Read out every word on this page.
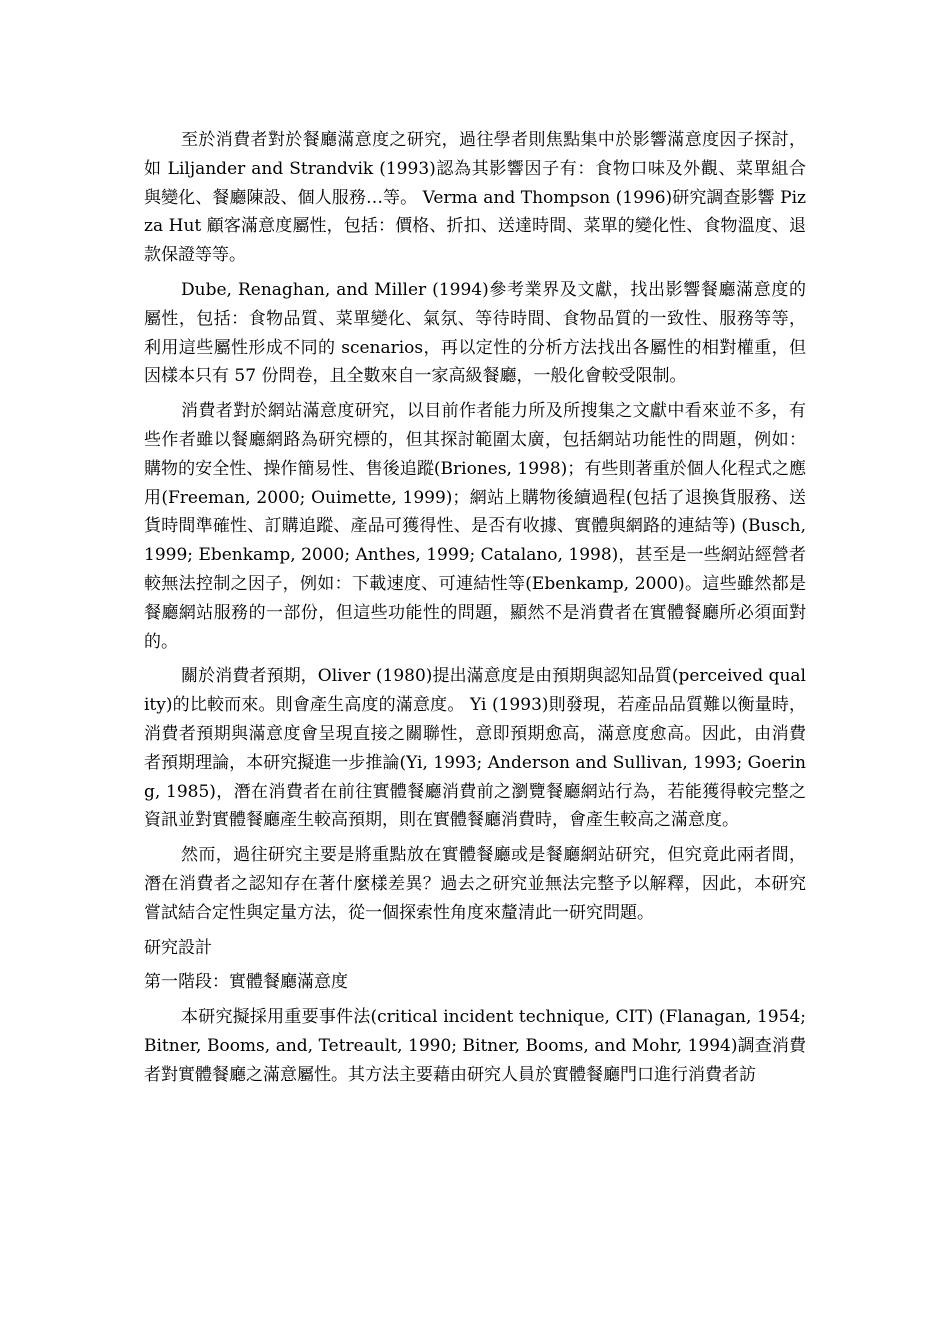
至於消費者對於餐廳滿意度之研究，過往學者則焦點集中於影響滿意度因子探討，如 Liljander and Strandvik (1993)認為其影響因子有：食物口味及外觀、菜單組合與變化、餐廳陳設、個人服務…等。 Verma and Thompson (1996)研究調查影響 Pizza Hut 顧客滿意度屬性，包括：價格、折扣、送達時間、菜單的變化性、食物溫度、退款保證等等。

Dube, Renaghan, and Miller (1994)參考業界及文獻，找出影響餐廳滿意度的屬性，包括：食物品質、菜單變化、氣氛、等待時間、食物品質的一致性、服務等等，利用這些屬性形成不同的 scenarios，再以定性的分析方法找出各屬性的相對權重，但因樣本只有 57 份問卷，且全數來自一家高級餐廳，一般化會較受限制。

消費者對於網站滿意度研究，以目前作者能力所及所搜集之文獻中看來並不多，有些作者雖以餐廳網路為研究標的，但其探討範圍太廣，包括網站功能性的問題，例如：購物的安全性、操作簡易性、售後追蹤(Briones, 1998)；有些則著重於個人化程式之應用(Freeman, 2000; Ouimette, 1999)；網站上購物後續過程(包括了退換貨服務、送貨時間準確性、訂購追蹤、產品可獲得性、是否有收據、實體與網路的連結等) (Busch, 1999; Ebenkamp, 2000; Anthes, 1999; Catalano, 1998)，甚至是一些網站經營者較無法控制之因子，例如：下載速度、可連結性等(Ebenkamp, 2000)。這些雖然都是餐廳網站服務的一部份，但這些功能性的問題，顯然不是消費者在實體餐廳所必須面對的。

關於消費者預期，Oliver (1980)提出滿意度是由預期與認知品質(perceived quality)的比較而來。則會產生高度的滿意度。 Yi (1993)則發現，若產品品質難以衡量時，消費者預期與滿意度會呈現直接之關聯性，意即預期愈高，滿意度愈高。因此，由消費者預期理論，本研究擬進一步推論(Yi, 1993; Anderson and Sullivan, 1993; Goering, 1985)，潛在消費者在前往實體餐廳消費前之瀏覽餐廳網站行為，若能獲得較完整之資訊並對實體餐廳產生較高預期，則在實體餐廳消費時，會產生較高之滿意度。

然而，過往研究主要是將重點放在實體餐廳或是餐廳網站研究，但究竟此兩者間，潛在消費者之認知存在著什麼樣差異？過去之研究並無法完整予以解釋，因此，本研究嘗試結合定性與定量方法，從一個探索性角度來釐清此一研究問題。

研究設計

第一階段：實體餐廳滿意度

本研究擬採用重要事件法(critical incident technique, CIT) (Flanagan, 1954; Bitner, Booms, and, Tetreault, 1990; Bitner, Booms, and Mohr, 1994)調查消費者對實體餐廳之滿意屬性。其方法主要藉由研究人員於實體餐廳門口進行消費者訪
